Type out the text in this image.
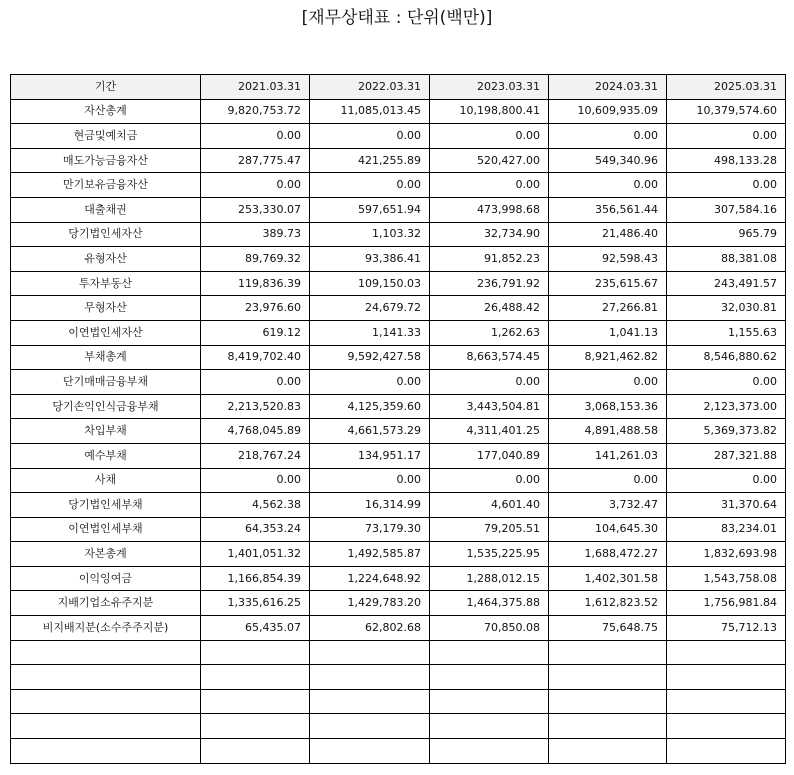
[재무상태표 : 단위(백만)]
기간	2021.03.31	2022.03.31	2023.03.31	2024.03.31	2025.03.31
자산총계	9,820,753.72	11,085,013.45	10,198,800.41	10,609,935.09	10,379,574.60
현금및예치금	0.00	0.00	0.00	0.00	0.00
매도가능금융자산	287,775.47	421,255.89	520,427.00	549,340.96	498,133.28
만기보유금융자산	0.00	0.00	0.00	0.00	0.00
대출채권	253,330.07	597,651.94	473,998.68	356,561.44	307,584.16
당기법인세자산	389.73	1,103.32	32,734.90	21,486.40	965.79
유형자산	89,769.32	93,386.41	91,852.23	92,598.43	88,381.08
투자부동산	119,836.39	109,150.03	236,791.92	235,615.67	243,491.57
무형자산	23,976.60	24,679.72	26,488.42	27,266.81	32,030.81
이연법인세자산	619.12	1,141.33	1,262.63	1,041.13	1,155.63
부채총계	8,419,702.40	9,592,427.58	8,663,574.45	8,921,462.82	8,546,880.62
단기매매금융부채	0.00	0.00	0.00	0.00	0.00
당기손익인식금융부채	2,213,520.83	4,125,359.60	3,443,504.81	3,068,153.36	2,123,373.00
차입부채	4,768,045.89	4,661,573.29	4,311,401.25	4,891,488.58	5,369,373.82
예수부채	218,767.24	134,951.17	177,040.89	141,261.03	287,321.88
사채	0.00	0.00	0.00	0.00	0.00
당기법인세부채	4,562.38	16,314.99	4,601.40	3,732.47	31,370.64
이연법인세부채	64,353.24	73,179.30	79,205.51	104,645.30	83,234.01
자본총계	1,401,051.32	1,492,585.87	1,535,225.95	1,688,472.27	1,832,693.98
이익잉여금	1,166,854.39	1,224,648.92	1,288,012.15	1,402,301.58	1,543,758.08
지배기업소유주지분	1,335,616.25	1,429,783.20	1,464,375.88	1,612,823.52	1,756,981.84
비지배지분(소수주주지분)	65,435.07	62,802.68	70,850.08	75,648.75	75,712.13
